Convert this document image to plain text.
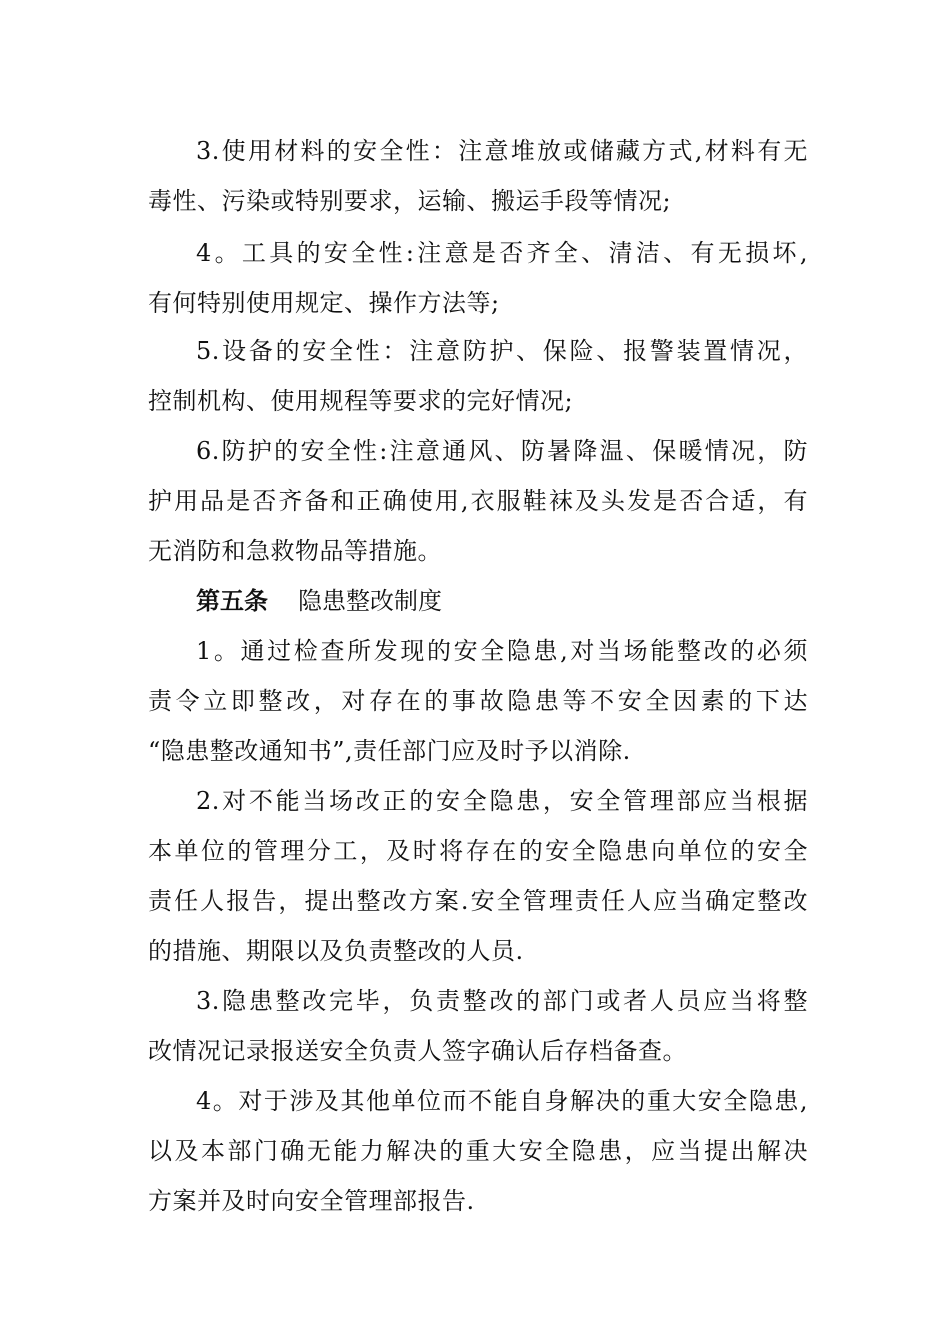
3.使用材料的安全性：注意堆放或储藏方式,材料有无
毒性、污染或特别要求，运输、搬运手段等情况;
4。工具的安全性:注意是否齐全、清洁、有无损坏,
有何特别使用规定、操作方法等;
5.设备的安全性：注意防护、保险、报警装置情况，
控制机构、使用规程等要求的完好情况;
6.防护的安全性:注意通风、防暑降温、保暖情况，防
护用品是否齐备和正确使用,衣服鞋袜及头发是否合适，有
无消防和急救物品等措施。
第五条 隐患整改制度
1。通过检查所发现的安全隐患,对当场能整改的必须
责令立即整改，对存在的事故隐患等不安全因素的下达
“隐患整改通知书”,责任部门应及时予以消除.
2.对不能当场改正的安全隐患，安全管理部应当根据
本单位的管理分工，及时将存在的安全隐患向单位的安全
责任人报告，提出整改方案.安全管理责任人应当确定整改
的措施、期限以及负责整改的人员.
3.隐患整改完毕，负责整改的部门或者人员应当将整
改情况记录报送安全负责人签字确认后存档备查。
4。对于涉及其他单位而不能自身解决的重大安全隐患,
以及本部门确无能力解决的重大安全隐患，应当提出解决
方案并及时向安全管理部报告.
